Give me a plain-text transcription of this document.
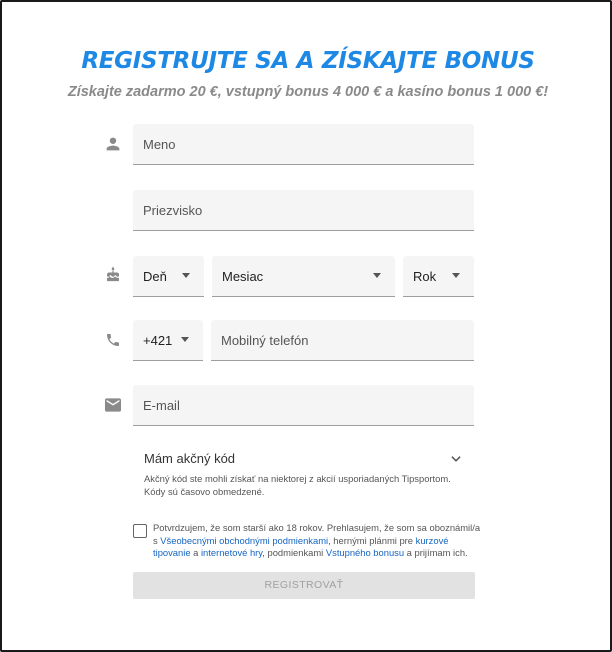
REGISTRUJTE SA A ZÍSKAJTE BONUS
Získajte zadarmo 20 €, vstupný bonus 4 000 € a kasíno bonus 1 000 €!
Meno
Priezvisko
Deň	Mesiac	Rok
+421	Mobilný telefón
E-mail
Mám akčný kód
Akčný kód ste mohli získať na niektorej z akcií usporiadaných Tipsportom. Kódy sú časovo obmedzené.
Potvrdzujem, že som starší ako 18 rokov. Prehlasujem, že som sa oboznámil/a s Všeobecnými obchodnými podmienkami, hernými plánmi pre kurzové tipovanie a internetové hry, podmienkami Vstupného bonusu a prijímam ich.
REGISTROVAŤ
